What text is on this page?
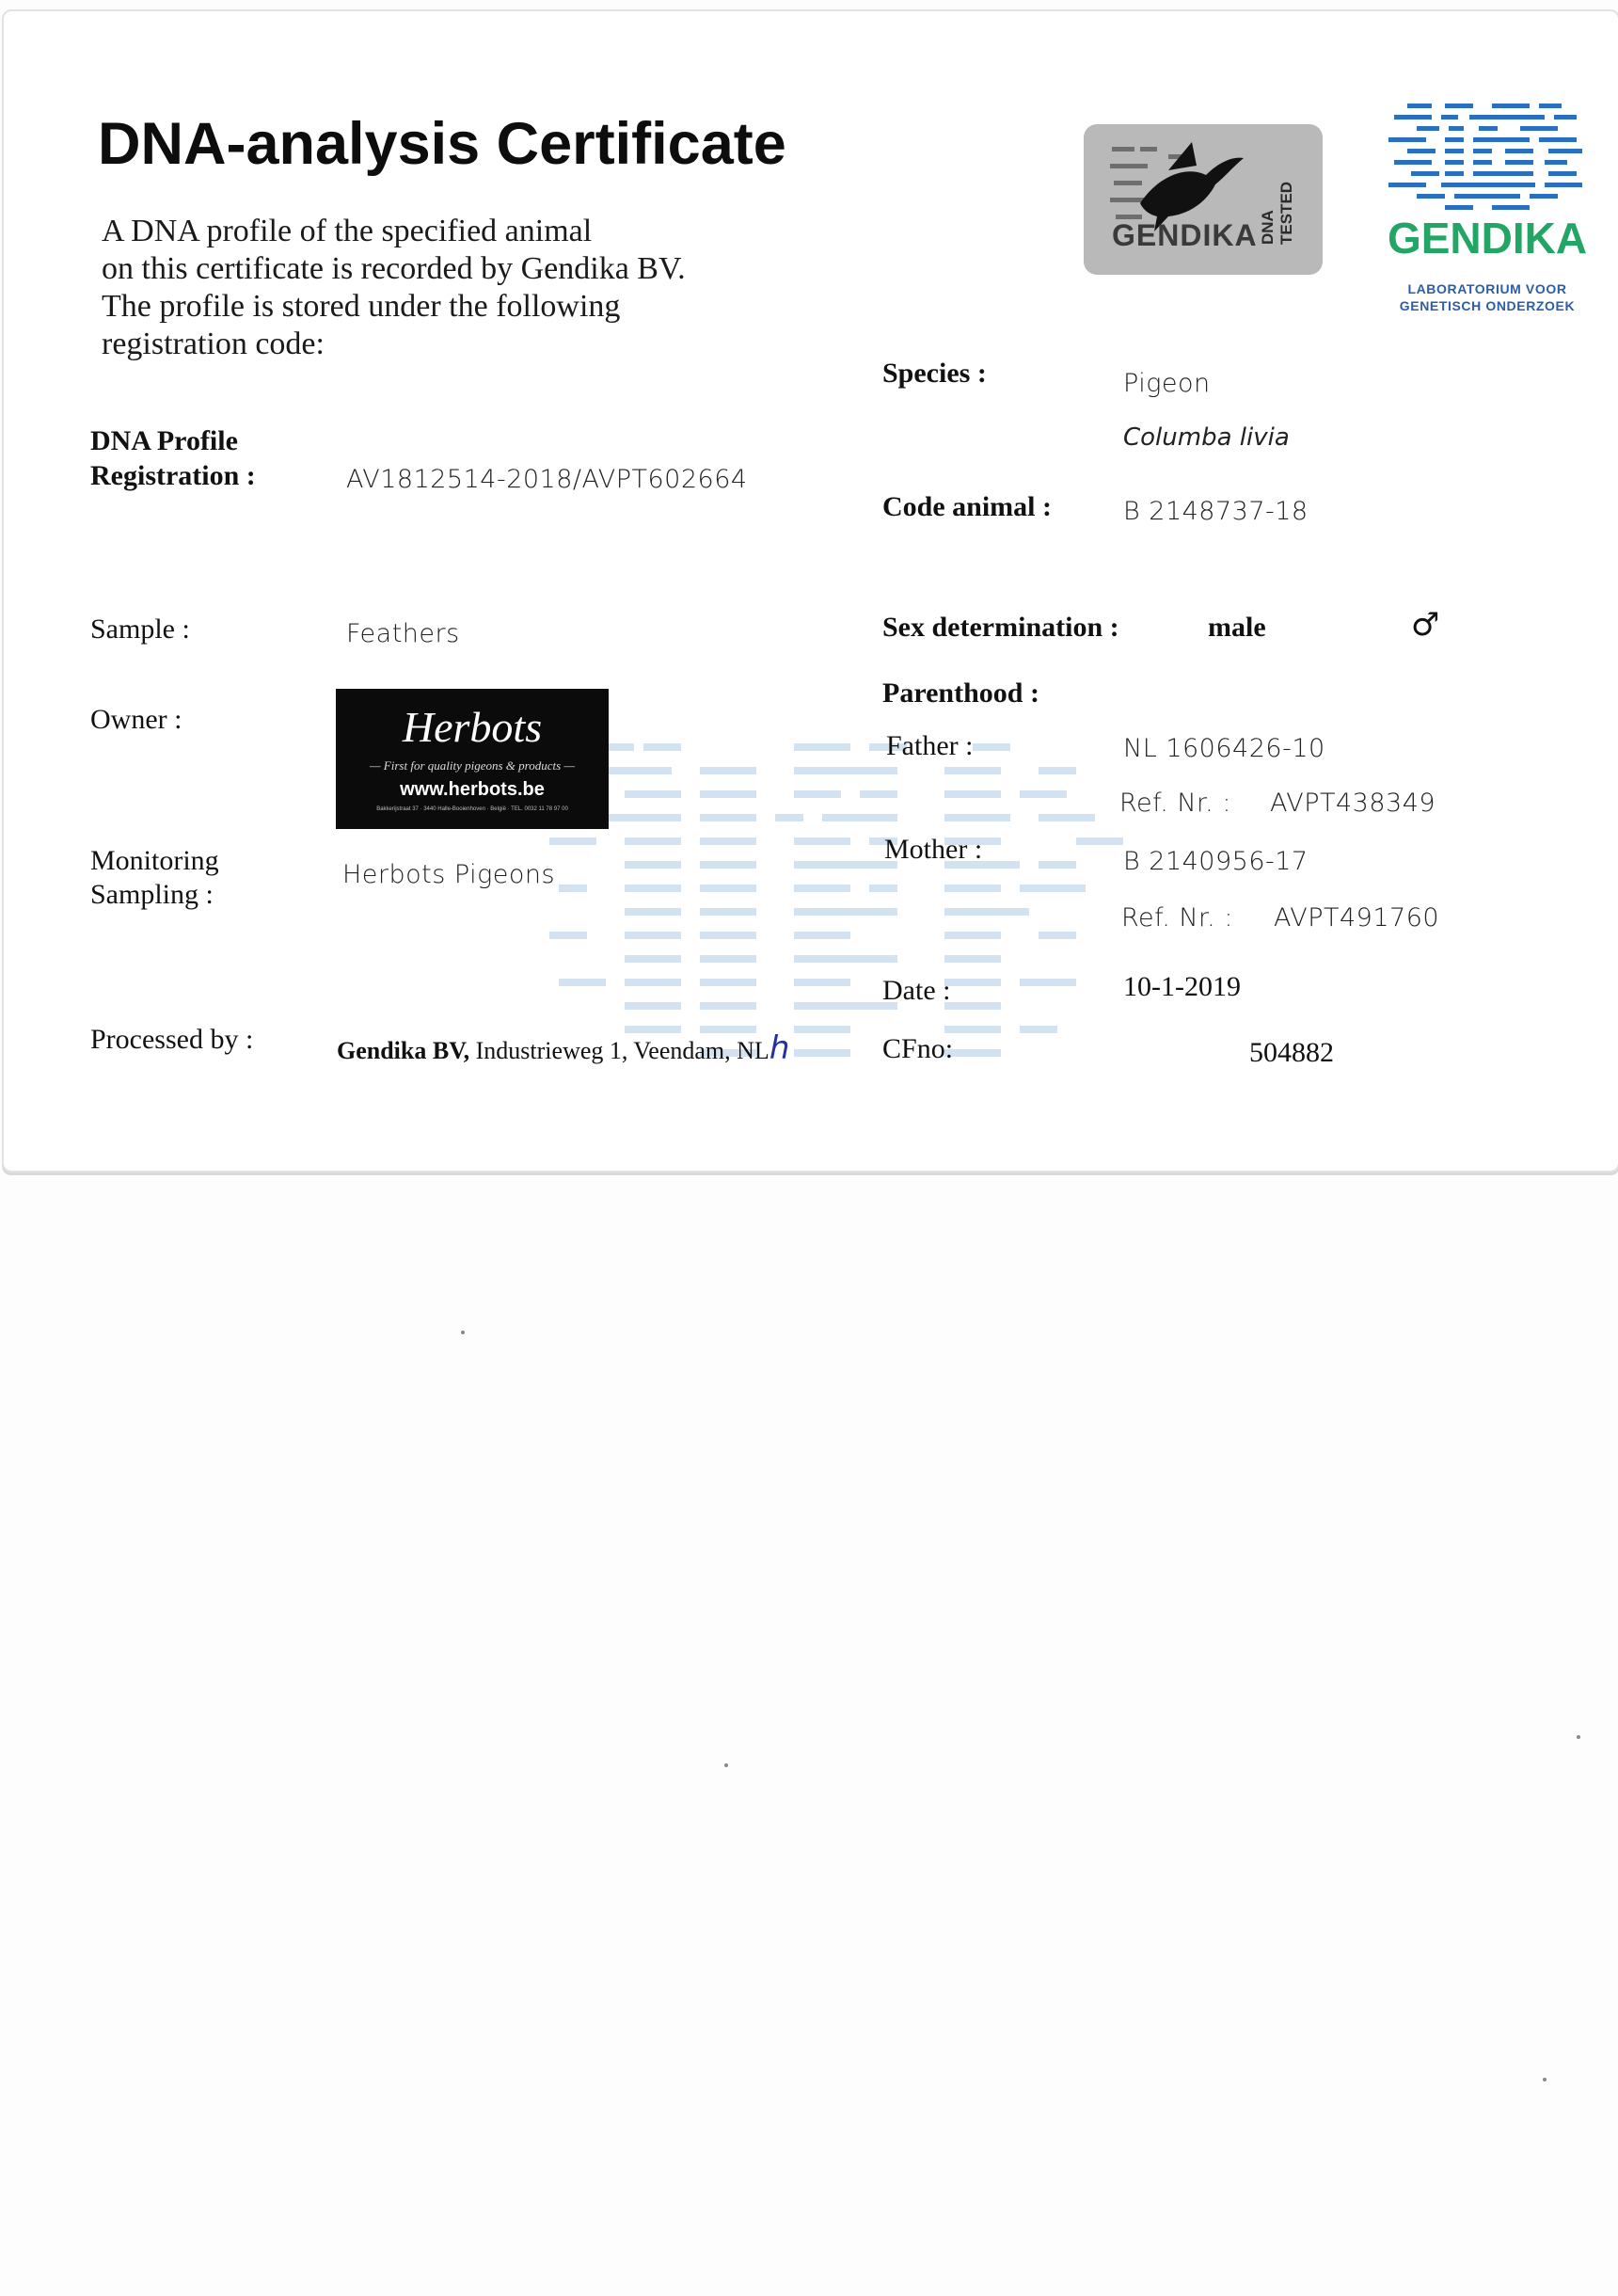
DNA-analysis Certificate
A DNA profile of the specified animal
on this certificate is recorded by Gendika BV.
The profile is stored under the following
registration code:
GENDIKA DNA TESTED GENDIKA
LABORATORIUM VOOR
GENETISCH ONDERZOEK
DNA Profile
Registration :	AV1812514-2018/AVPT602664
Sample :	Feathers
Owner :	Herbots
— First for quality pigeons & products —
www.herbots.be
Bakkerijstraat 37 · 3440 Halle-Booienhoven · België · TEL. 0032 11 78 97 00
Monitoring
Sampling :
Herbots Pigeons
Processed by :	Gendika BV, Industrieweg 1, Veendam, NLh
Species :	Pigeon
Columba livia
Code animal :	B 2148737-18
Sex determination :	male	♂
Parenthood :
Father :	NL 1606426-10
Ref. Nr. : AVPT438349
Mother :	B 2140956-17
Ref. Nr. : AVPT491760
Date :	10-1-2019
CFno:	504882
